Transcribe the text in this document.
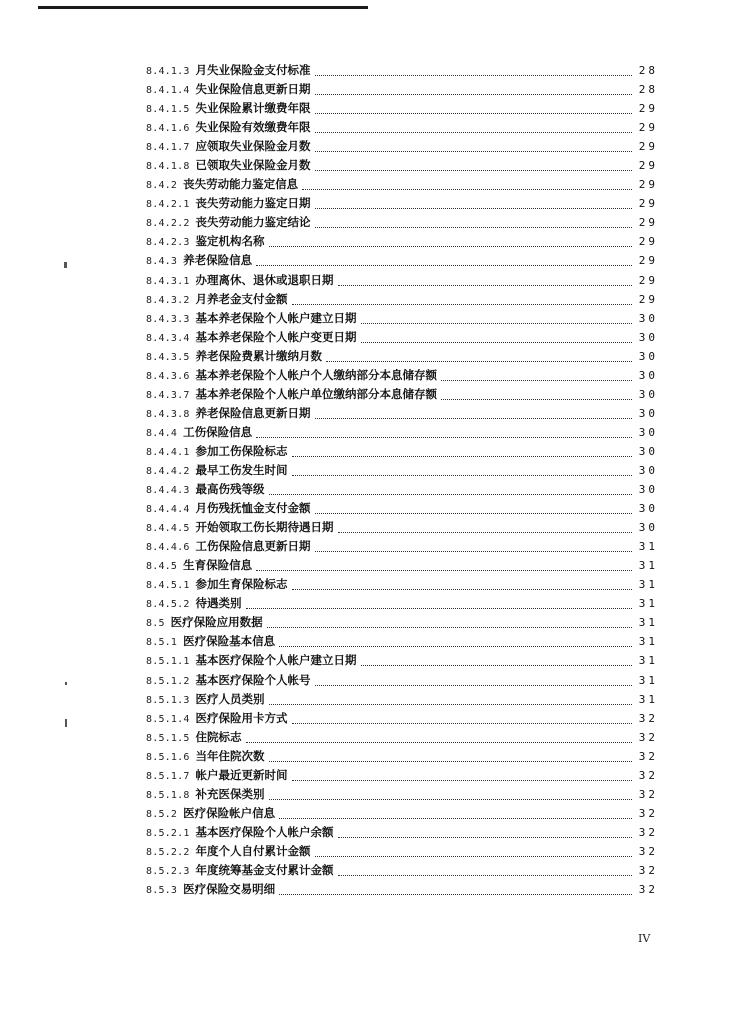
8.4.1.3 月失业保险金支付标准	28
8.4.1.4 失业保险信息更新日期	28
8.4.1.5 失业保险累计缴费年限	29
8.4.1.6 失业保险有效缴费年限	29
8.4.1.7 应领取失业保险金月数	29
8.4.1.8 已领取失业保险金月数	29
8.4.2 丧失劳动能力鉴定信息	29
8.4.2.1 丧失劳动能力鉴定日期	29
8.4.2.2 丧失劳动能力鉴定结论	29
8.4.2.3 鉴定机构名称	29
8.4.3 养老保险信息	29
8.4.3.1 办理离休、退休或退职日期	29
8.4.3.2 月养老金支付金额	29
8.4.3.3 基本养老保险个人帐户建立日期	30
8.4.3.4 基本养老保险个人帐户变更日期	30
8.4.3.5 养老保险费累计缴纳月数	30
8.4.3.6 基本养老保险个人帐户个人缴纳部分本息储存额	30
8.4.3.7 基本养老保险个人帐户单位缴纳部分本息储存额	30
8.4.3.8 养老保险信息更新日期	30
8.4.4 工伤保险信息	30
8.4.4.1 参加工伤保险标志	30
8.4.4.2 最早工伤发生时间	30
8.4.4.3 最高伤残等级	30
8.4.4.4 月伤残抚恤金支付金额	30
8.4.4.5 开始领取工伤长期待遇日期	30
8.4.4.6 工伤保险信息更新日期	31
8.4.5 生育保险信息	31
8.4.5.1 参加生育保险标志	31
8.4.5.2 待遇类别	31
8.5 医疗保险应用数据	31
8.5.1 医疗保险基本信息	31
8.5.1.1 基本医疗保险个人帐户建立日期	31
8.5.1.2 基本医疗保险个人帐号	31
8.5.1.3 医疗人员类别	31
8.5.1.4 医疗保险用卡方式	32
8.5.1.5 住院标志	32
8.5.1.6 当年住院次数	32
8.5.1.7 帐户最近更新时间	32
8.5.1.8 补充医保类别	32
8.5.2 医疗保险帐户信息	32
8.5.2.1 基本医疗保险个人帐户余额	32
8.5.2.2 年度个人自付累计金额	32
8.5.2.3 年度统筹基金支付累计金额	32
8.5.3 医疗保险交易明细	32
IV
